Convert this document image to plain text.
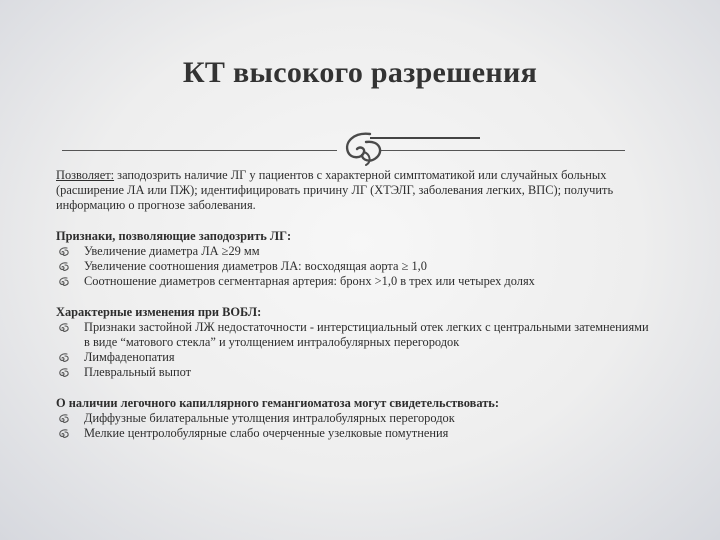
КТ высокого разрешения

Позволяет: заподозрить наличие ЛГ у пациентов с характерной симптоматикой или случайных больных (расширение ЛА или ПЖ); идентифицировать причину ЛГ (ХТЭЛГ, заболевания легких, ВПС); получить информацию о прогнозе заболевания.

Признаки, позволяющие заподозрить ЛГ:

Увеличение диаметра ЛА ≥29 мм
Увеличение соотношения диаметров ЛА: восходящая аорта ≥ 1,0
Соотношение диаметров сегментарная артерия: бронх >1,0 в трех или четырех долях

Характерные изменения при ВОБЛ:

Признаки застойной ЛЖ недостаточности - интерстициальный отек легких с центральными затемнениями в виде “матового стекла” и утолщением интралобулярных перегородок
Лимфаденопатия
Плевральный выпот

О наличии легочного капиллярного гемангиоматоза могут свидетельствовать:

Диффузные билатеральные утолщения интралобулярных перегородок
Мелкие центролобулярные слабо очерченные узелковые помутнения
